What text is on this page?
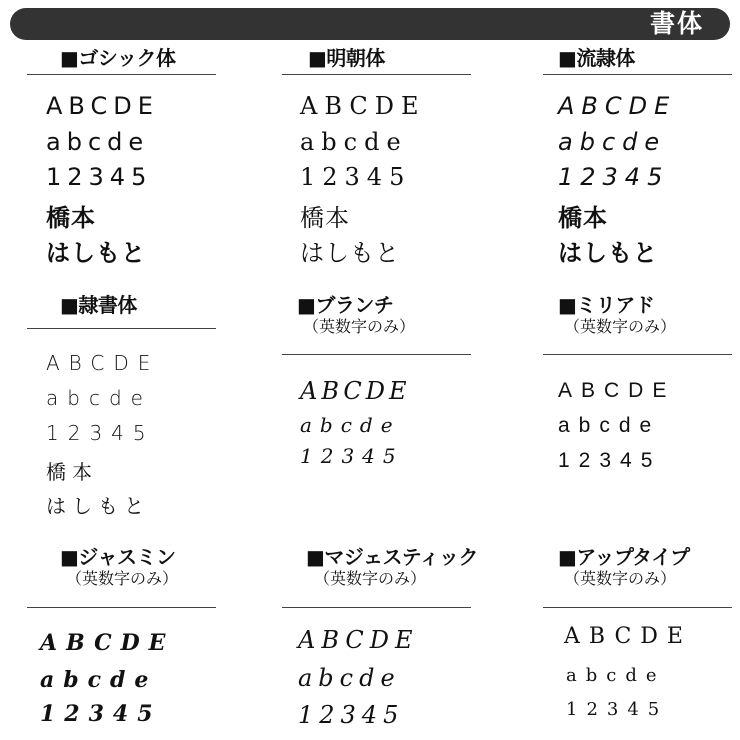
書体
■ゴシック体
ABCDE
abcde
12345
橋本
はしもと
■明朝体
ABCDE
abcde
12345
橋本
はしもと
■流隷体
ABCDE
abcde
12345
橋本
はしもと
■隷書体
ABCDE
abcde
12345
橋本
はしもと
■ブランチ
（英数字のみ）
ABCDE
abcde
12345
■ミリアド
（英数字のみ）
ABCDE
abcde
12345
■ジャスミン
（英数字のみ）
ABCDE
abcde
12345
■マジェスティック
（英数字のみ）
ABCDE
abcde
12345
■アップタイプ
（英数字のみ）
ABCDE
abcde
12345
